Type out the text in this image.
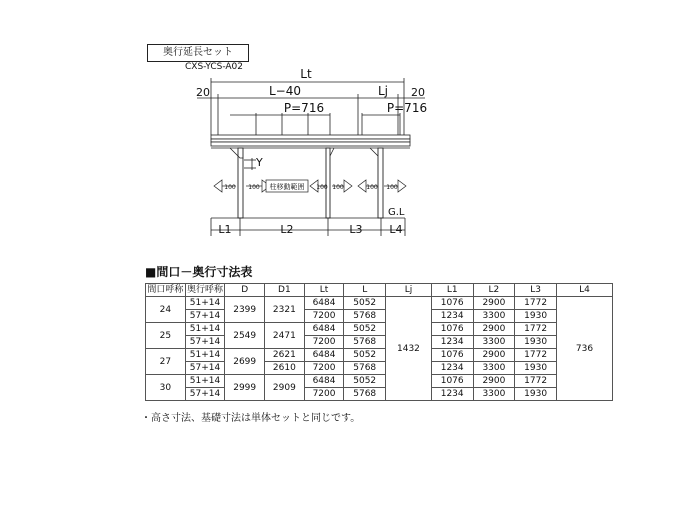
奥行延長セット
CXS-YCS-A02	Lt
20	L−40	Lj 20
P=716	P=716
Y
柱移動範囲
100 100	100 100	100 100
G.L
L1	L2	L3 L4
■間口－奥行寸法表
間口呼称	奥行呼称	D	D1	Lt	L	Lj	L1	L2	L3	L4
24	51+14	2399	2321	6484	5052	1432	1076	2900	1772	736
	57+14			7200	5768		1234	3300	1930	
25	51+14	2549	2471	6484	5052		1076	2900	1772	
	57+14			7200	5768		1234	3300	1930	
27	51+14	2699	2621	6484	5052		1076	2900	1772	
	57+14		2610	7200	5768		1234	3300	1930	
30	51+14	2999	2909	6484	5052		1076	2900	1772	
	57+14			7200	5768		1234	3300	1930	
・高さ寸法、基礎寸法は単体セットと同じです。
